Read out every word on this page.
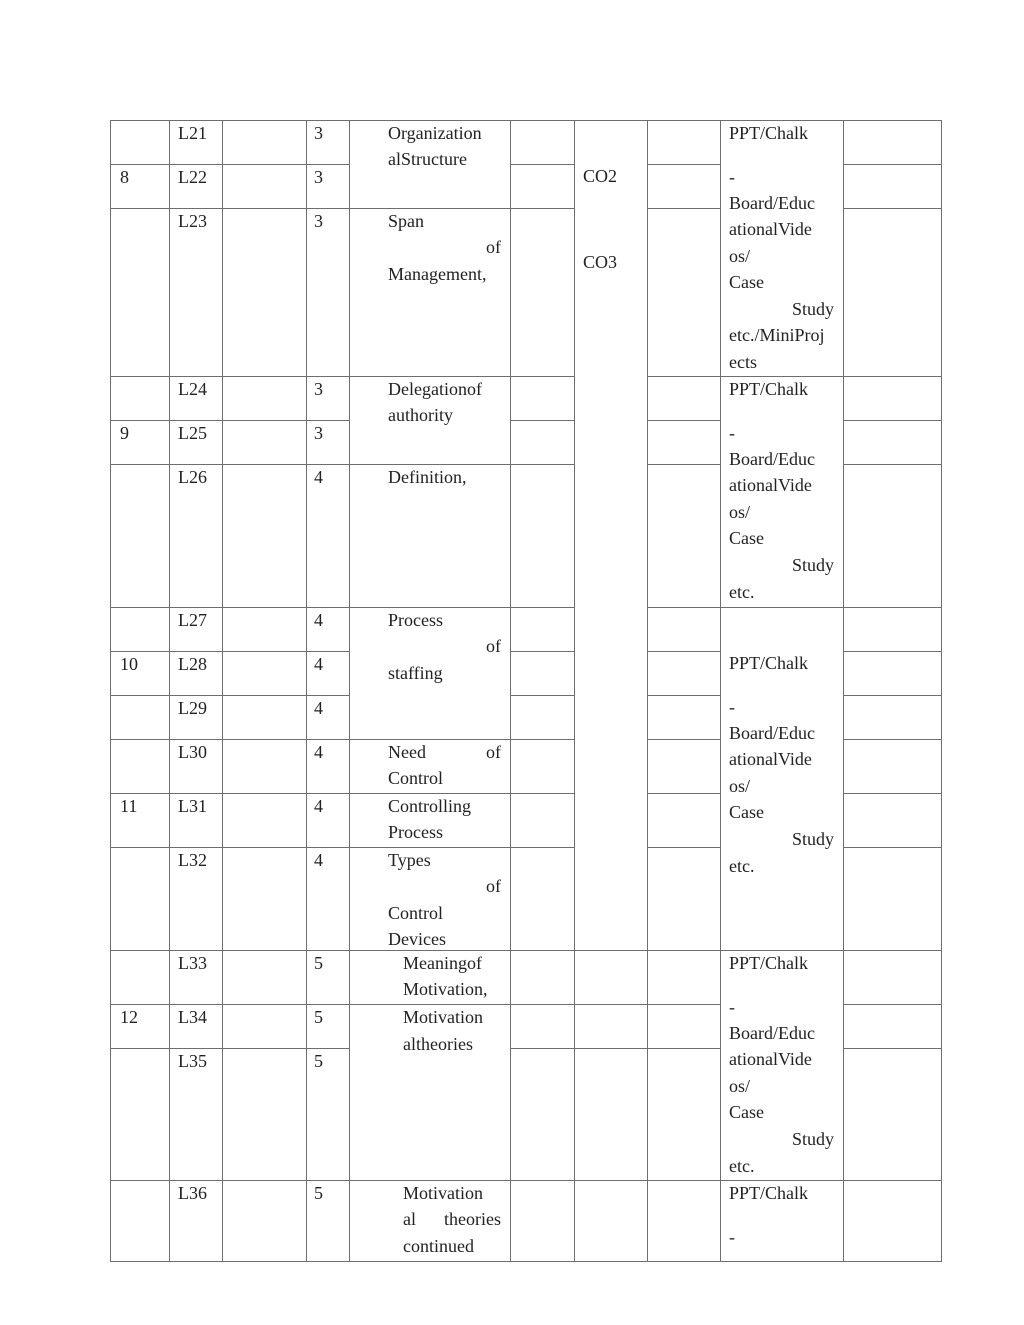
8
9
10
11
12
L21
L22
L23
L24
L25
L26
L27
L28
L29
L30
L31
L32
L33
L34
L35
L36
3
3
3
3
3
4
4
4
4
4
4
4
5
5
5
5
Organization
alStructure
Span
of
Management,
Delegationof
authority
Definition,
Process
of
staffing
Need	of
Control
Controlling
Process
Types
of
Control
Devices
Meaningof
Motivation,
Motivation
altheories
Motivation
al	theories
continued
CO2
CO3
PPT/Chalk
-
Board/Educ
ationalVide
os/
Case
Study
etc./MiniProj
ects
PPT/Chalk
-
Board/Educ
ationalVide
os/
Case
Study
etc.
PPT/Chalk
-
Board/Educ
ationalVide
os/
Case
Study
etc.
PPT/Chalk
-
Board/Educ
ationalVide
os/
Case
Study
etc.
PPT/Chalk
-
